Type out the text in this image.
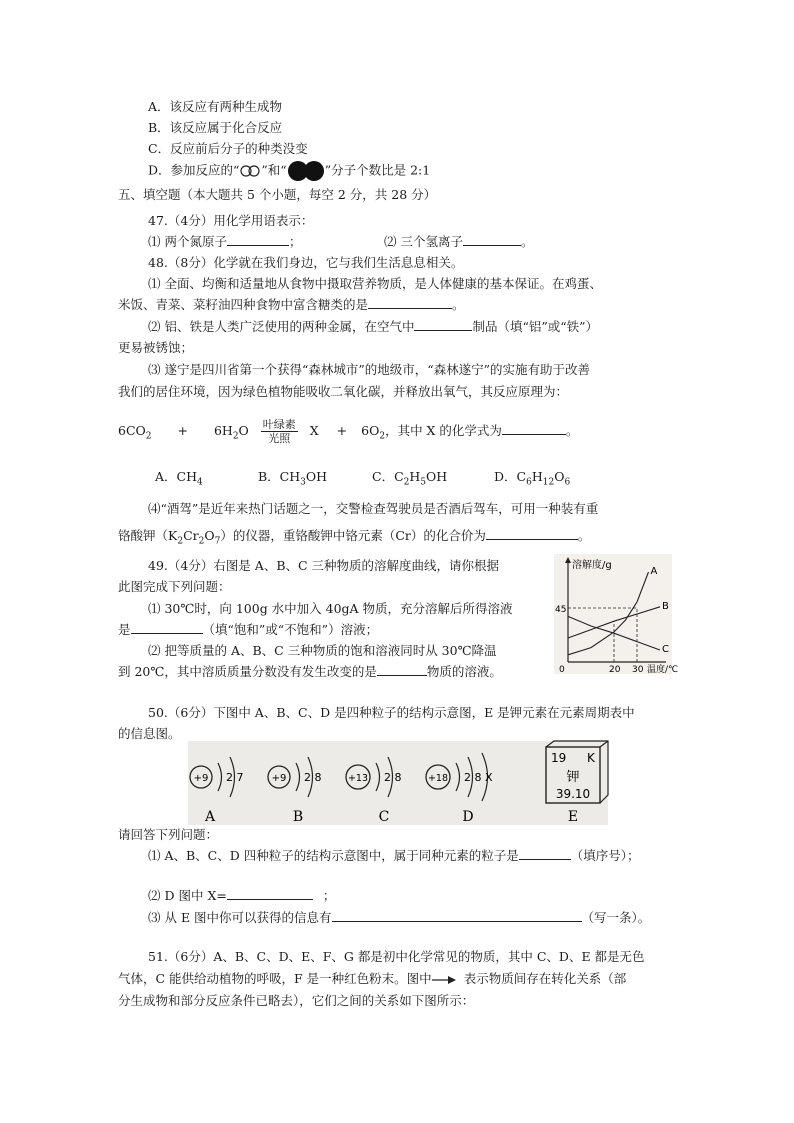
A．该反应有两种生成物
B．该反应属于化合反应
C．反应前后分子的种类没变
D．参加反应的“ ”和“	”分子个数比是 2:1
五、填空题（本大题共 5 个小题，每空 2 分，共 28 分）
47.（4分）用化学用语表示：
⑴ 两个氮原子	；	⑵ 三个氢离子	。
48.（8分）化学就在我们身边，它与我们生活息息相关。
⑴ 全面、均衡和适量地从食物中摄取营养物质，是人体健康的基本保证。在鸡蛋、
米饭、青菜、菜籽油四种食物中富含糖类的是	。
⑵ 铝、铁是人类广泛使用的两种金属，在空气中	制品（填“铝”或“铁”）
更易被锈蚀；
⑶ 遂宁是四川省第一个获得“森林城市”的地级市，“森林遂宁”的实施有助于改善
我们的居住环境，因为绿色植物能吸收二氧化碳，并释放出氧气，其反应原理为：
$6CO_2 + 6H_2O \frac{\text{叶绿素}}{\text{光照}}$ $X + 6O_2$，其中 X 的化学式为	。
A．$CH_4$	B．$CH_3OH$	C．$C_2H_5OH$	D．$C_6H_{12}O_6$
⑷“酒驾”是近年来热门话题之一，交警检查驾驶员是否酒后驾车，可用一种装有重
铬酸钾$(K_2Cr_2O_7)$的仪器，重铬酸钾中铬元素（Cr）的化合价为	。
49.（4分）右图是 A、B、C 三种物质的溶解度曲线，请你根据
此图完成下列问题：
⑴ 30℃时，向 100g 水中加入 40gA 物质，充分溶解后所得溶液
是	（填“饱和”或“不饱和”）溶液；
⑵ 把等质量的 A、B、C 三种物质的饱和溶液同时从 30℃降温
到 20℃，其中溶质质量分数没有发生改变的是	物质的溶液。
溶解度/g
温度/℃
0
45
20 30
A
B
C
50.（6分）下图中 A、B、C、D 是四种粒子的结构示意图，E 是钾元素在元素周期表中
的信息图。
+9 2 7
A
+9 2 8
B
+13 2 8
C
+18 2 8 X
D
19 K
钾
39.10
E
请回答下列问题：
⑴ A、B、C、D 四种粒子的结构示意图中，属于同种元素的粒子是	（填序号）；
⑵ D 图中 X=	；
⑶ 从 E 图中你可以获得的信息有	（写一条）。
51.（6分）A、B、C、D、E、F、G 都是初中化学常见的物质，其中 C、D、E 都是无色
气体，C 能供给动植物的呼吸，F 是一种红色粉末。图中	表示物质间存在转化关系（部
分生成物和部分反应条件已略去），它们之间的关系如下图所示：
